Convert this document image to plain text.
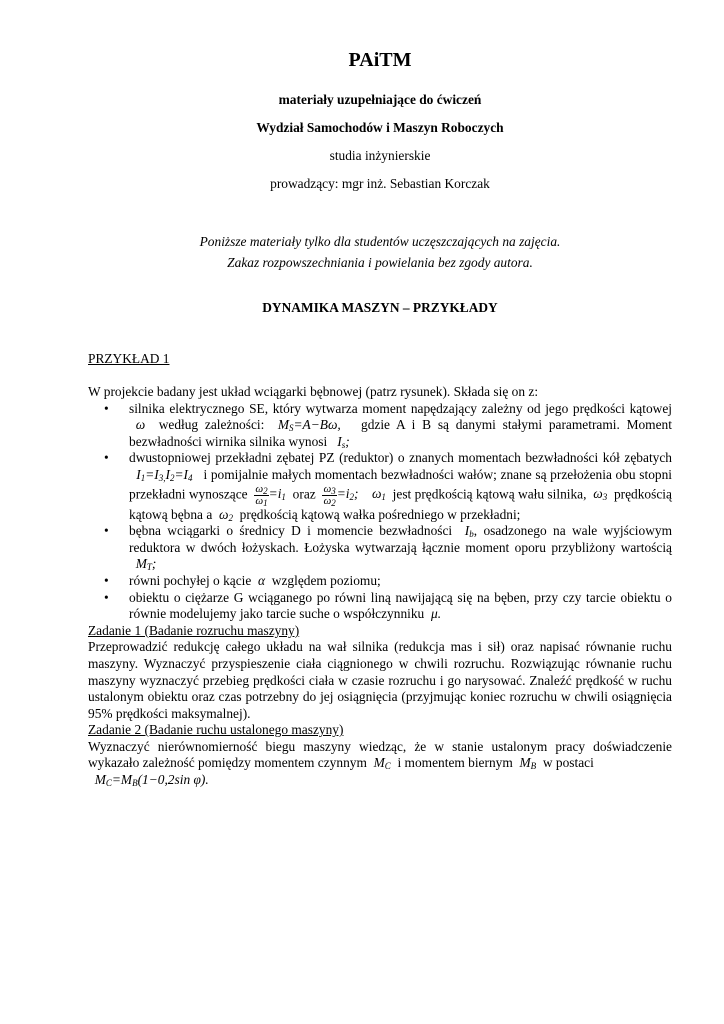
PAiTM
materiały uzupełniające do ćwiczeń
Wydział Samochodów i Maszyn Roboczych
studia inżynierskie
prowadzący: mgr inż. Sebastian Korczak
Poniższe materiały tylko dla studentów uczęszczających na zajęcia.
Zakaz rozpowszechniania i powielania bez zgody autora.
DYNAMIKA MASZYN – PRZYKŁADY
PRZYKŁAD 1

W projekcie badany jest układ wciągarki bębnowej (patrz rysunek). Składa się on z:

• silnika elektrycznego SE, który wytwarza moment napędzający zależny od jego prędkości kątowej  ω  według zależności:  $M_S=A-B\omega$, gdzie A i B są danymi stałymi parametrami. Moment bezwładności wirnika silnika wynosi   $I_s$;
• dwustopniowej przekładni zębatej PZ (reduktor) o znanych momentach bezwładności kół zębatych   $I_1=I_{3,}I_2=I_4$ i pomijalnie małych momentach bezwładności wałów; znane są przełożenia obu stopni przekładni wynoszące $\frac{\omega_2}{\omega_1} =i_1$ oraz $\frac{\omega_3}{\omega_2} =i_2$;    $\omega_1$ jest prędkością kątową wału silnika,  $\omega_3$ prędkością kątową bębna a  $\omega_2$ prędkością kątową wałka pośredniego w przekładni;
• bębna wciągarki o średnicy D i momencie bezwładności  $I_b$, osadzonego na wale wyjściowym reduktora w dwóch łożyskach. Łożyska wytwarzają łącznie moment oporu przybliżony wartością   $M_T$;
• równi pochyłej o kącie  α  względem poziomu;
• obiektu o ciężarze G wciąganego po równi liną nawijającą się na bęben, przy czy tarcie obiektu o równie modelujemy jako tarcie suche o współczynniku  μ.

Zadanie 1 (Badanie rozruchu maszyny)

Przeprowadzić redukcję całego układu na wał silnika (redukcja mas i sił) oraz napisać równanie ruchu maszyny. Wyznaczyć przyspieszenie ciała ciągnionego w chwili rozruchu. Rozwiązując równanie ruchu maszyny wyznaczyć przebieg prędkości ciała w czasie rozruchu i go narysować. Znaleźć prędkość w ruchu ustalonym obiektu oraz czas potrzebny do jej osiągnięcia (przyjmując koniec rozruchu w chwili osiągnięcia 95% prędkości maksymalnej).

Zadanie 2 (Badanie ruchu ustalonego maszyny)

Wyznaczyć nierównomierność biegu maszyny wiedząc, że w stanie ustalonym pracy doświadczenie wykazało zależność pomiędzy momentem czynnym  $M_C$ i momentem biernym  $M_B$ w postaci
$M_C=M_B(1-0,2\sin$ φ).
